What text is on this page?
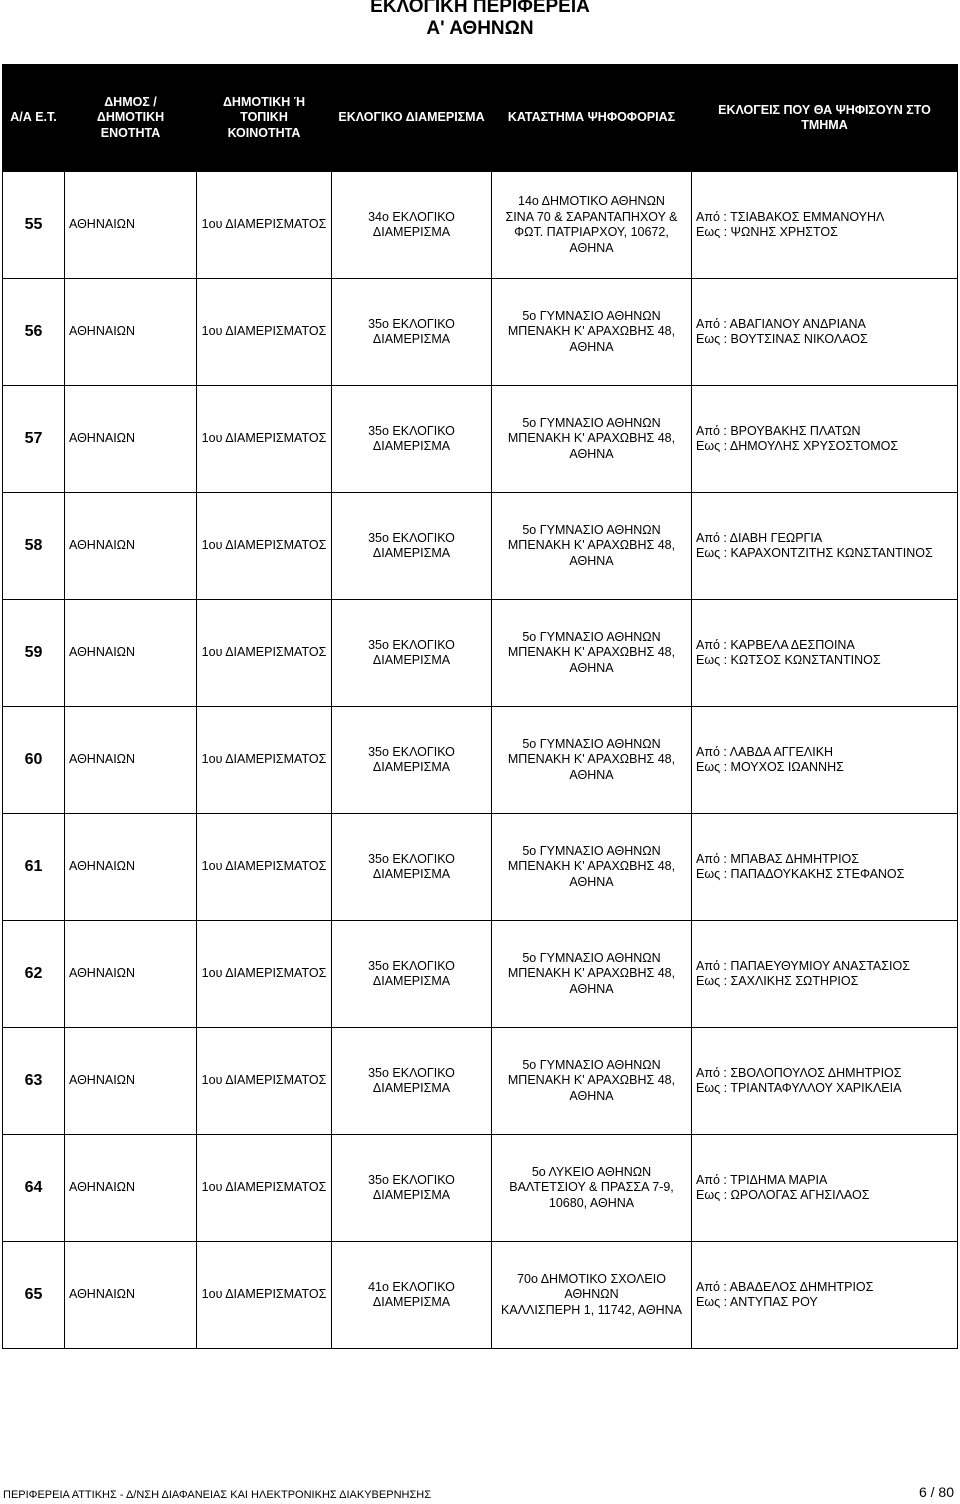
ΕΚΛΟΓΙΚΗ ΠΕΡΙΦΕΡΕΙΑ
Α' ΑΘΗΝΩΝ
Α/Α Ε.Τ.	ΔΗΜΟΣ /
ΔΗΜΟΤΙΚΗ ΕΝΟΤΗΤΑ	ΔΗΜΟΤΙΚΗ Ή ΤΟΠΙΚΗ
ΚΟΙΝΟΤΗΤΑ	ΕΚΛΟΓΙΚΟ ΔΙΑΜΕΡΙΣΜΑ	ΚΑΤΑΣΤΗΜΑ ΨΗΦΟΦΟΡΙΑΣ	ΕΚΛΟΓΕΙΣ ΠΟΥ ΘΑ ΨΗΦΙΣΟΥΝ ΣΤΟ ΤΜΗΜΑ

55	ΑΘΗΝΑΙΩΝ	1ου ΔΙΑΜΕΡΙΣΜΑΤΟΣ	34ο ΕΚΛΟΓΙΚΟ
ΔΙΑΜΕΡΙΣΜΑ	14ο ΔΗΜΟΤΙΚΟ ΑΘΗΝΩΝ
ΣΙΝΑ 70 & ΣΑΡΑΝΤΑΠΗΧΟΥ &
ΦΩΤ. ΠΑΤΡΙΑΡΧΟΥ, 10672,
ΑΘΗΝΑ	Από : ΤΣΙΑΒΑΚΟΣ ΕΜΜΑΝΟΥΗΛ
Εως : ΨΩΝΗΣ ΧΡΗΣΤΟΣ

56	ΑΘΗΝΑΙΩΝ	1ου ΔΙΑΜΕΡΙΣΜΑΤΟΣ	35ο ΕΚΛΟΓΙΚΟ
ΔΙΑΜΕΡΙΣΜΑ	5ο ΓΥΜΝΑΣΙΟ ΑΘΗΝΩΝ
ΜΠΕΝΑΚΗ Κ' ΑΡΑΧΩΒΗΣ 48,
ΑΘΗΝΑ	Από : ΑΒΑΓΙΑΝΟΥ ΑΝΔΡΙΑΝΑ
Εως : ΒΟΥΤΣΙΝΑΣ ΝΙΚΟΛΑΟΣ

57	ΑΘΗΝΑΙΩΝ	1ου ΔΙΑΜΕΡΙΣΜΑΤΟΣ	35ο ΕΚΛΟΓΙΚΟ
ΔΙΑΜΕΡΙΣΜΑ	5ο ΓΥΜΝΑΣΙΟ ΑΘΗΝΩΝ
ΜΠΕΝΑΚΗ Κ' ΑΡΑΧΩΒΗΣ 48,
ΑΘΗΝΑ	Από : ΒΡΟΥΒΑΚΗΣ ΠΛΑΤΩΝ
Εως : ΔΗΜΟΥΛΗΣ ΧΡΥΣΟΣΤΟΜΟΣ

58	ΑΘΗΝΑΙΩΝ	1ου ΔΙΑΜΕΡΙΣΜΑΤΟΣ	35ο ΕΚΛΟΓΙΚΟ
ΔΙΑΜΕΡΙΣΜΑ	5ο ΓΥΜΝΑΣΙΟ ΑΘΗΝΩΝ
ΜΠΕΝΑΚΗ Κ' ΑΡΑΧΩΒΗΣ 48,
ΑΘΗΝΑ	Από : ΔΙΑΒΗ ΓΕΩΡΓΙΑ
Εως : ΚΑΡΑΧΟΝΤΖΙΤΗΣ ΚΩΝΣΤΑΝΤΙΝΟΣ

59	ΑΘΗΝΑΙΩΝ	1ου ΔΙΑΜΕΡΙΣΜΑΤΟΣ	35ο ΕΚΛΟΓΙΚΟ
ΔΙΑΜΕΡΙΣΜΑ	5ο ΓΥΜΝΑΣΙΟ ΑΘΗΝΩΝ
ΜΠΕΝΑΚΗ Κ' ΑΡΑΧΩΒΗΣ 48,
ΑΘΗΝΑ	Από : ΚΑΡΒΕΛΑ ΔΕΣΠΟΙΝΑ
Εως : ΚΩΤΣΟΣ ΚΩΝΣΤΑΝΤΙΝΟΣ

60	ΑΘΗΝΑΙΩΝ	1ου ΔΙΑΜΕΡΙΣΜΑΤΟΣ	35ο ΕΚΛΟΓΙΚΟ
ΔΙΑΜΕΡΙΣΜΑ	5ο ΓΥΜΝΑΣΙΟ ΑΘΗΝΩΝ
ΜΠΕΝΑΚΗ Κ' ΑΡΑΧΩΒΗΣ 48,
ΑΘΗΝΑ	Από : ΛΑΒΔΑ ΑΓΓΕΛΙΚΗ
Εως : ΜΟΥΧΟΣ ΙΩΑΝΝΗΣ

61	ΑΘΗΝΑΙΩΝ	1ου ΔΙΑΜΕΡΙΣΜΑΤΟΣ	35ο ΕΚΛΟΓΙΚΟ
ΔΙΑΜΕΡΙΣΜΑ	5ο ΓΥΜΝΑΣΙΟ ΑΘΗΝΩΝ
ΜΠΕΝΑΚΗ Κ' ΑΡΑΧΩΒΗΣ 48,
ΑΘΗΝΑ	Από : ΜΠΑΒΑΣ ΔΗΜΗΤΡΙΟΣ
Εως : ΠΑΠΑΔΟΥΚΑΚΗΣ ΣΤΕΦΑΝΟΣ

62	ΑΘΗΝΑΙΩΝ	1ου ΔΙΑΜΕΡΙΣΜΑΤΟΣ	35ο ΕΚΛΟΓΙΚΟ
ΔΙΑΜΕΡΙΣΜΑ	5ο ΓΥΜΝΑΣΙΟ ΑΘΗΝΩΝ
ΜΠΕΝΑΚΗ Κ' ΑΡΑΧΩΒΗΣ 48,
ΑΘΗΝΑ	Από : ΠΑΠΑΕΥΘΥΜΙΟΥ ΑΝΑΣΤΑΣΙΟΣ
Εως : ΣΑΧΛΙΚΗΣ ΣΩΤΗΡΙΟΣ

63	ΑΘΗΝΑΙΩΝ	1ου ΔΙΑΜΕΡΙΣΜΑΤΟΣ	35ο ΕΚΛΟΓΙΚΟ
ΔΙΑΜΕΡΙΣΜΑ	5ο ΓΥΜΝΑΣΙΟ ΑΘΗΝΩΝ
ΜΠΕΝΑΚΗ Κ' ΑΡΑΧΩΒΗΣ 48,
ΑΘΗΝΑ	Από : ΣΒΟΛΟΠΟΥΛΟΣ ΔΗΜΗΤΡΙΟΣ
Εως : ΤΡΙΑΝΤΑΦΥΛΛΟΥ ΧΑΡΙΚΛΕΙΑ

64	ΑΘΗΝΑΙΩΝ	1ου ΔΙΑΜΕΡΙΣΜΑΤΟΣ	35ο ΕΚΛΟΓΙΚΟ
ΔΙΑΜΕΡΙΣΜΑ	5ο ΛΥΚΕΙΟ ΑΘΗΝΩΝ
ΒΑΛΤΕΤΣΙΟΥ & ΠΡΑΣΣΑ 7-9,
10680, ΑΘΗΝΑ	Από : ΤΡΙΔΗΜΑ ΜΑΡΙΑ
Εως : ΩΡΟΛΟΓΑΣ ΑΓΗΣΙΛΑΟΣ

65	ΑΘΗΝΑΙΩΝ	1ου ΔΙΑΜΕΡΙΣΜΑΤΟΣ	41ο ΕΚΛΟΓΙΚΟ
ΔΙΑΜΕΡΙΣΜΑ	70ο ΔΗΜΟΤΙΚΟ ΣΧΟΛΕΙΟ
ΑΘΗΝΩΝ
ΚΑΛΛΙΣΠΕΡΗ 1, 11742, ΑΘΗΝΑ	Από : ΑΒΑΔΕΛΟΣ ΔΗΜΗΤΡΙΟΣ
Εως : ΑΝΤΥΠΑΣ ΡΟΥ
ΠΕΡΙΦΕΡΕΙΑ ΑΤΤΙΚΗΣ - Δ/ΝΣΗ ΔΙΑΦΑΝΕΙΑΣ ΚΑΙ ΗΛΕΚΤΡΟΝΙΚΗΣ ΔΙΑΚΥΒΕΡΝΗΣΗΣ	6 / 80
